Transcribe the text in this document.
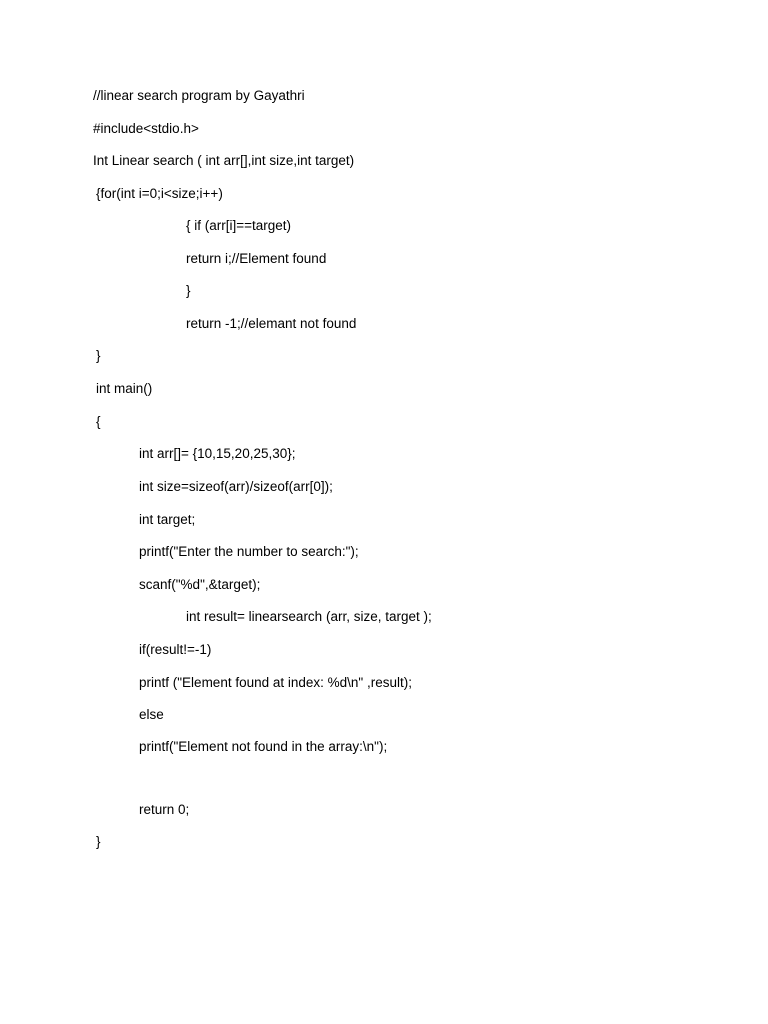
//linear search program by Gayathri
#include<stdio.h>
Int Linear search ( int arr[],int size,int target)
{for(int i=0;i<size;i++)
{ if (arr[i]==target)
return i;//Element found
}
return -1;//elemant not found
}
int main()
{
int arr[]= {10,15,20,25,30};
int size=sizeof(arr)/sizeof(arr[0]);
int target;
printf("Enter the number to search:");
scanf("%d",&target);
int result= linearsearch (arr, size, target );
if(result!=-1)
printf ("Element found at index: %d\n" ,result);
else
printf("Element not found in the array:\n");
return 0;
}
